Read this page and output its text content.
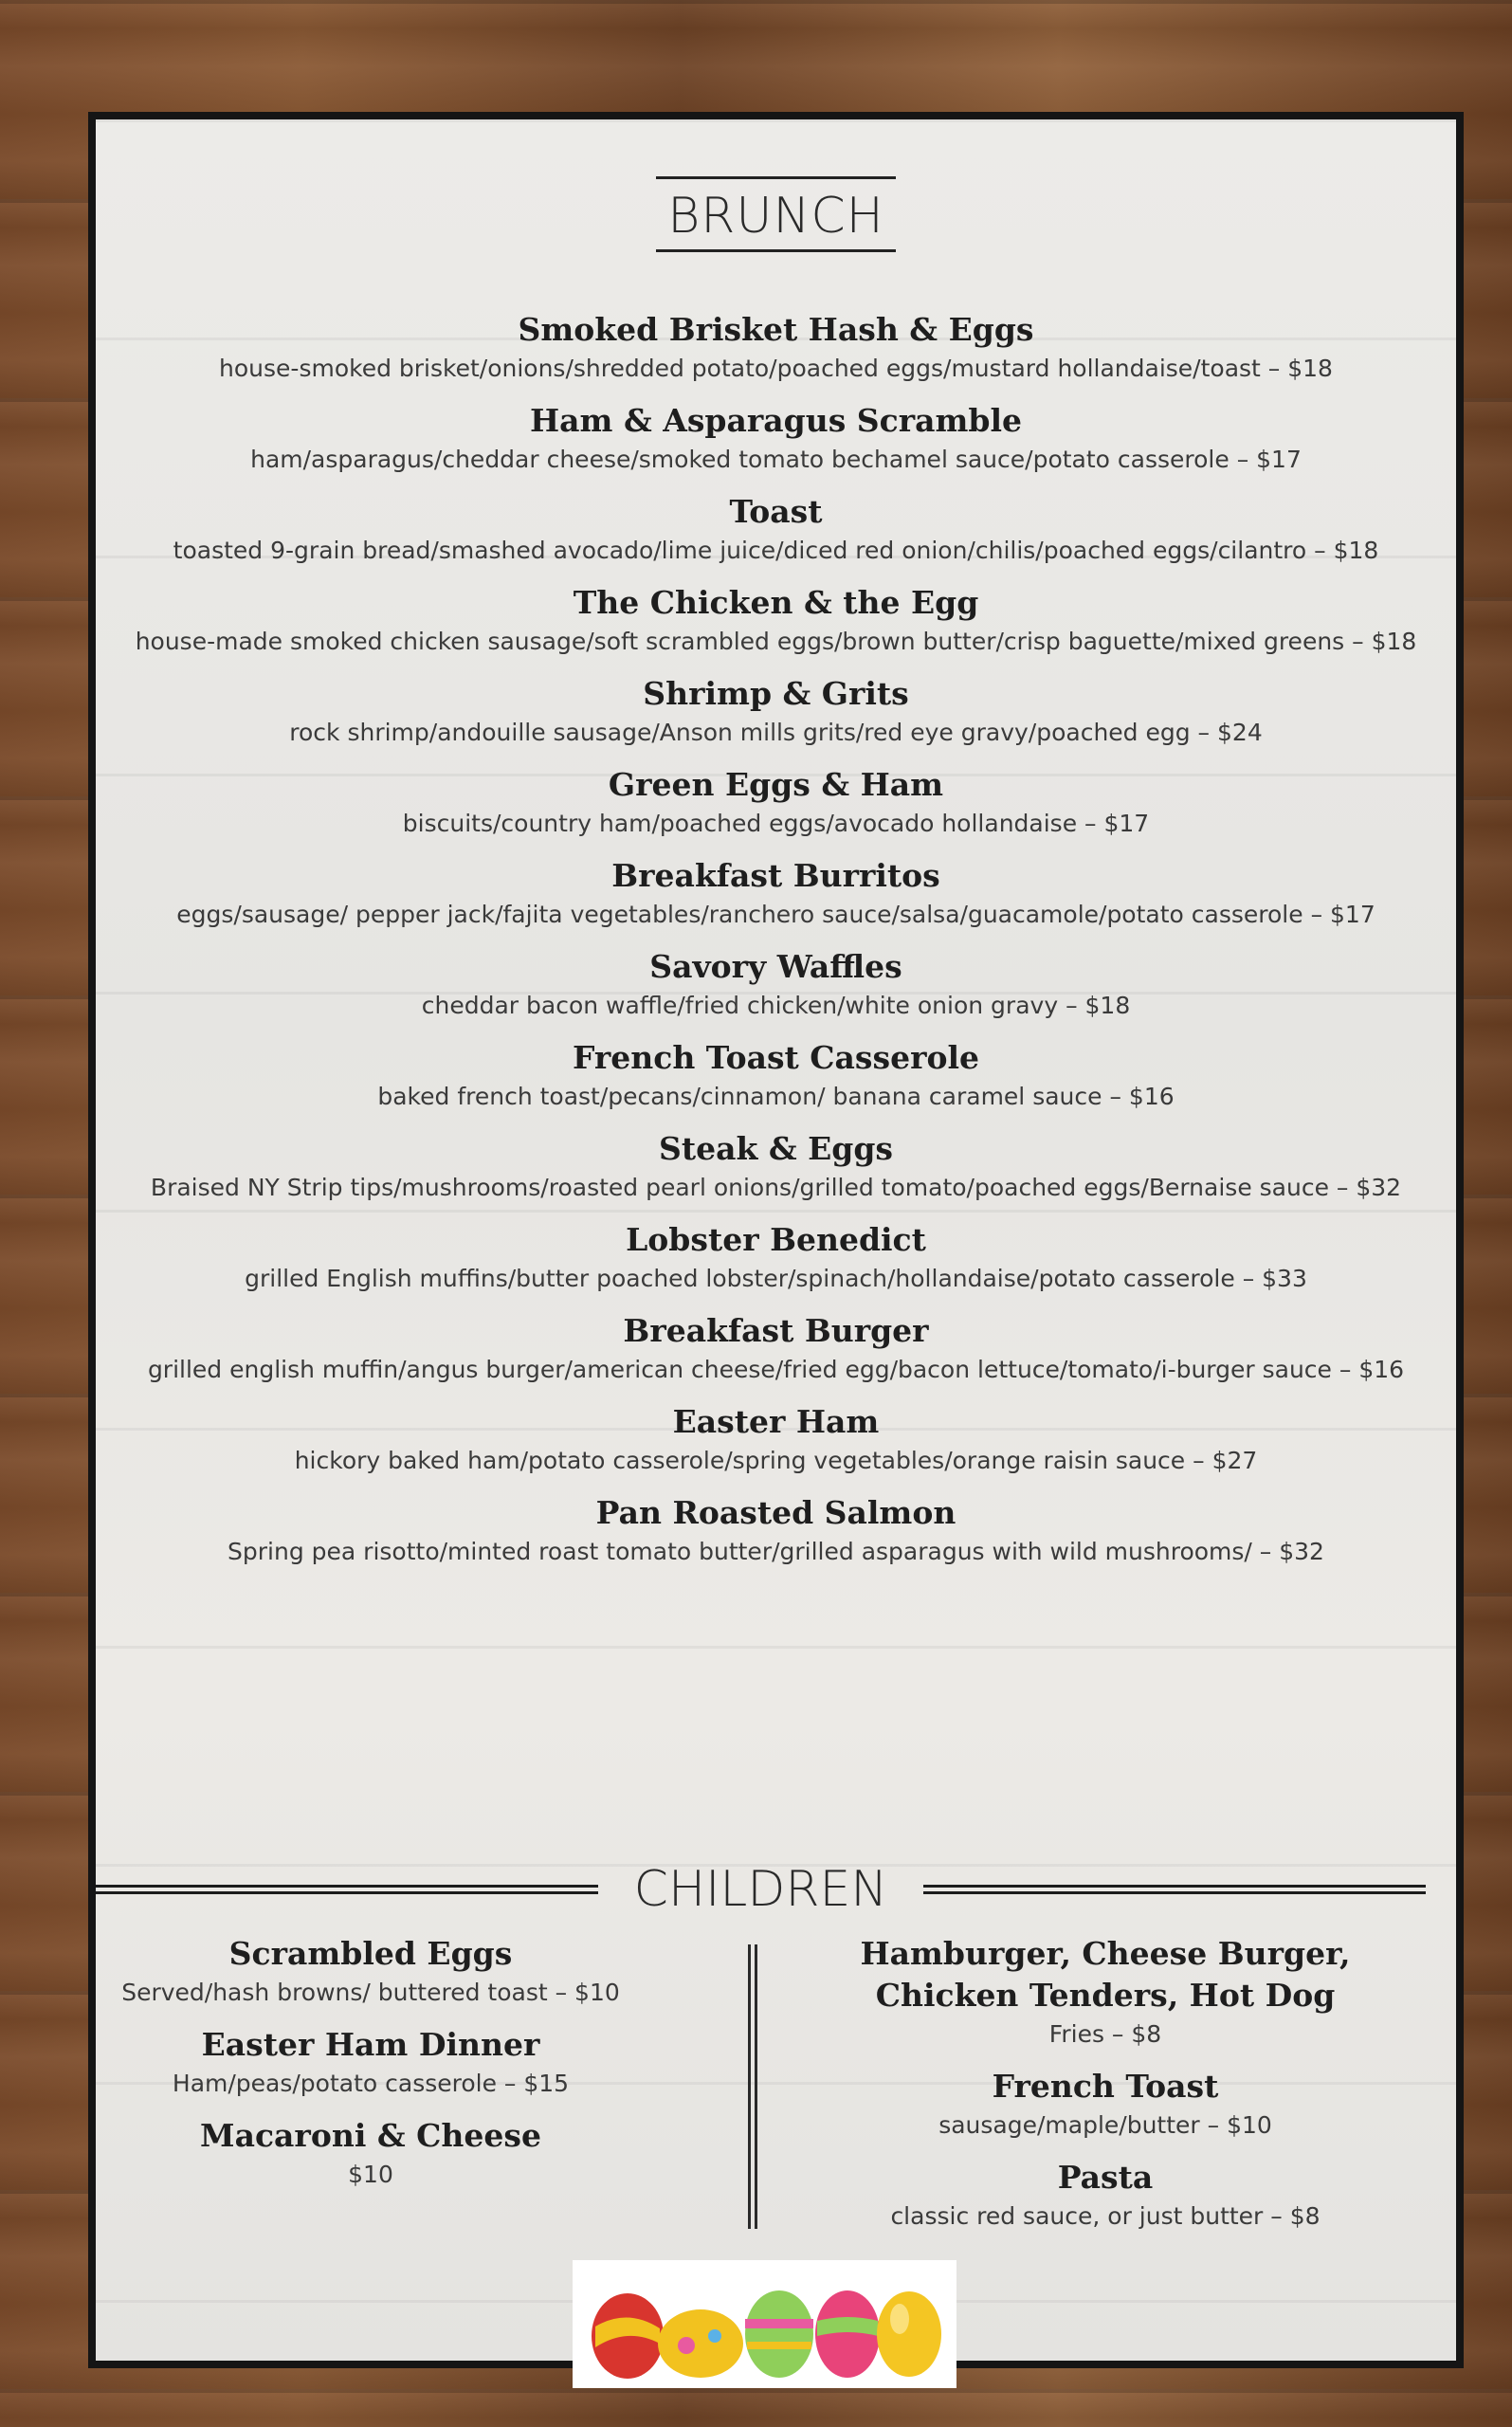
BRUNCH
Smoked Brisket Hash & Eggs
house-smoked brisket/onions/shredded potato/poached eggs/mustard hollandaise/toast – $18
Ham & Asparagus Scramble
ham/asparagus/cheddar cheese/smoked tomato bechamel sauce/potato casserole – $17
Toast
toasted 9-grain bread/smashed avocado/lime juice/diced red onion/chilis/poached eggs/cilantro – $18
The Chicken & the Egg
house-made smoked chicken sausage/soft scrambled eggs/brown butter/crisp baguette/mixed greens – $18
Shrimp & Grits
rock shrimp/andouille sausage/Anson mills grits/red eye gravy/poached egg – $24
Green Eggs & Ham
biscuits/country ham/poached eggs/avocado hollandaise – $17
Breakfast Burritos
eggs/sausage/ pepper jack/fajita vegetables/ranchero sauce/salsa/guacamole/potato casserole – $17
Savory Waffles
cheddar bacon waffle/fried chicken/white onion gravy – $18
French Toast Casserole
baked french toast/pecans/cinnamon/ banana caramel sauce – $16
Steak & Eggs
Braised NY Strip tips/mushrooms/roasted pearl onions/grilled tomato/poached eggs/Bernaise sauce – $32
Lobster Benedict
grilled English muffins/butter poached lobster/spinach/hollandaise/potato casserole – $33
Breakfast Burger
grilled english muffin/angus burger/american cheese/fried egg/bacon lettuce/tomato/i-burger sauce – $16
Easter Ham
hickory baked ham/potato casserole/spring vegetables/orange raisin sauce – $27
Pan Roasted Salmon
Spring pea risotto/minted roast tomato butter/grilled asparagus with wild mushrooms/ – $32
CHILDREN
Scrambled Eggs
Served/hash browns/ buttered toast – $10
Easter Ham Dinner
Ham/peas/potato casserole – $15
Macaroni & Cheese
$10
Hamburger, Cheese Burger, Chicken Tenders, Hot Dog
Fries – $8
French Toast
sausage/maple/butter – $10
Pasta
classic red sauce, or just butter – $8
